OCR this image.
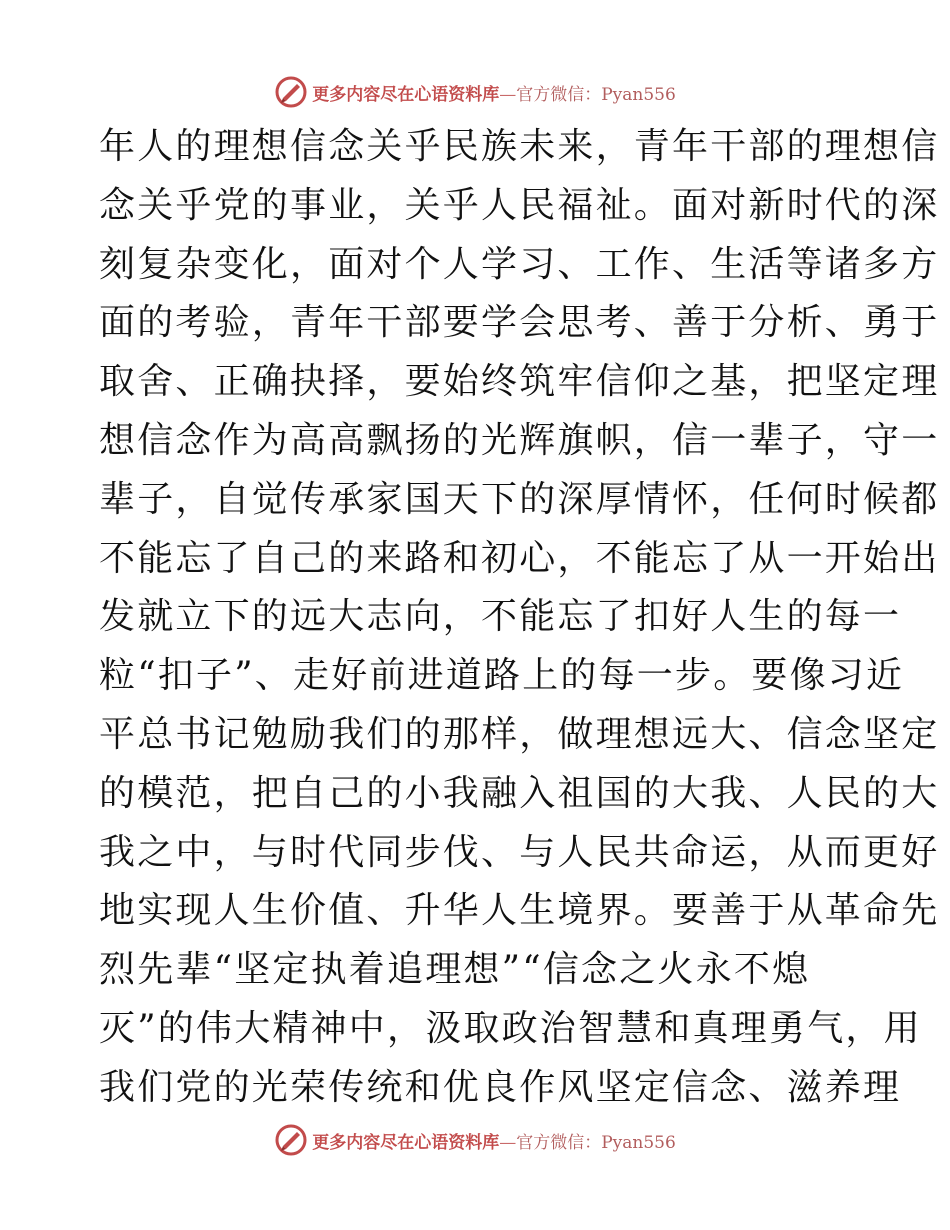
更多内容尽在心语资料库—官方微信：Pyan556
年人的理想信念关乎民族未来，青年干部的理想信
念关乎党的事业，关乎人民福祉。面对新时代的深
刻复杂变化，面对个人学习、工作、生活等诸多方
面的考验，青年干部要学会思考、善于分析、勇于
取舍、正确抉择，要始终筑牢信仰之基，把坚定理
想信念作为高高飘扬的光辉旗帜，信一辈子，守一
辈子，自觉传承家国天下的深厚情怀，任何时候都
不能忘了自己的来路和初心，不能忘了从一开始出
发就立下的远大志向，不能忘了扣好人生的每一
粒“扣子”、走好前进道路上的每一步。要像习近
平总书记勉励我们的那样，做理想远大、信念坚定
的模范，把自己的小我融入祖国的大我、人民的大
我之中，与时代同步伐、与人民共命运，从而更好
地实现人生价值、升华人生境界。要善于从革命先
烈先辈“坚定执着追理想”“信念之火永不熄
灭”的伟大精神中，汲取政治智慧和真理勇气，用
我们党的光荣传统和优良作风坚定信念、滋养理
更多内容尽在心语资料库—官方微信：Pyan556
